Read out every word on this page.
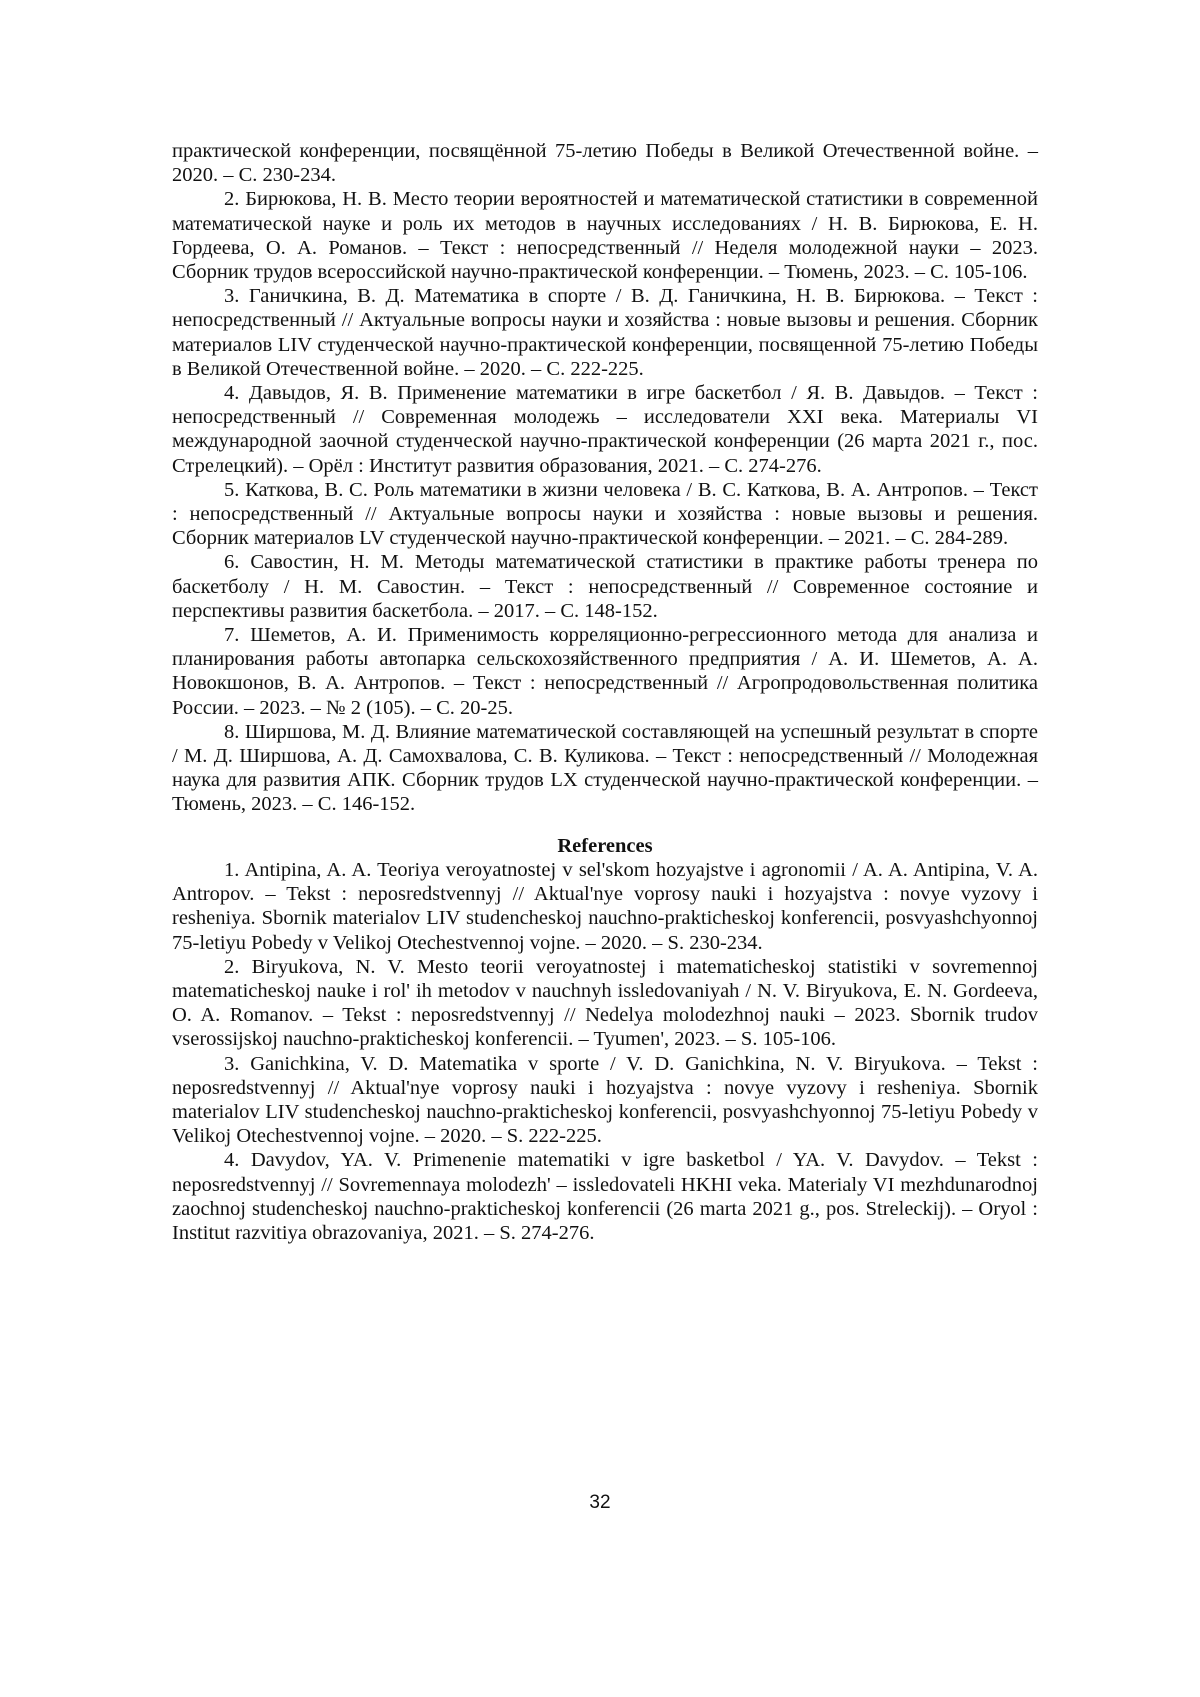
практической конференции, посвящённой 75-летию Победы в Великой Отечественной войне. – 2020. – С. 230-234.

2. Бирюкова, Н. В. Место теории вероятностей и математической статистики в современной математической науке и роль их методов в научных исследованиях / Н. В. Бирюкова, Е. Н. Гордеева, О. А. Романов. – Текст : непосредственный // Неделя молодежной науки – 2023. Сборник трудов всероссийской научно-практической конференции. – Тюмень, 2023. – С. 105-106.

3. Ганичкина, В. Д. Математика в спорте / В. Д. Ганичкина, Н. В. Бирюкова. – Текст : непосредственный // Актуальные вопросы науки и хозяйства : новые вызовы и решения. Сборник материалов LIV студенческой научно-практической конференции, посвященной 75-летию Победы в Великой Отечественной войне. – 2020. – С. 222-225.

4. Давыдов, Я. В. Применение математики в игре баскетбол / Я. В. Давыдов. – Текст : непосредственный // Современная молодежь – исследователи XXI века. Материалы VI международной заочной студенческой научно-практической конференции (26 марта 2021 г., пос. Стрелецкий). – Орёл : Институт развития образования, 2021. – С. 274-276.

5. Каткова, В. С. Роль математики в жизни человека / В. С. Каткова, В. А. Антропов. – Текст : непосредственный // Актуальные вопросы науки и хозяйства : новые вызовы и решения. Сборник материалов LV студенческой научно-практической конференции. – 2021. – С. 284-289.

6. Савостин, Н. М. Методы математической статистики в практике работы тренера по баскетболу / Н. М. Савостин. – Текст : непосредственный // Современное состояние и перспективы развития баскетбола. – 2017. – С. 148-152.

7. Шеметов, А. И. Применимость корреляционно-регрессионного метода для анализа и планирования работы автопарка сельскохозяйственного предприятия / А. И. Шеметов, А. А. Новокшонов, В. А. Антропов. – Текст : непосредственный // Агропродовольственная политика России. – 2023. – № 2 (105). – С. 20-25.

8. Ширшова, М. Д. Влияние математической составляющей на успешный результат в спорте / М. Д. Ширшова, А. Д. Самохвалова, С. В. Куликова. – Текст : непосредственный // Молодежная наука для развития АПК. Сборник трудов LX студенческой научно-практической конференции. – Тюмень, 2023. – С. 146-152.

References

1. Antipina, A. A. Teoriya veroyatnostej v sel'skom hozyajstve i agronomii / A. A. Antipina, V. A. Antropov. – Tekst : neposredstvennyj // Aktual'nye voprosy nauki i hozyajstva : novye vyzovy i resheniya. Sbornik materialov LIV studencheskoj nauchno-prakticheskoj konferencii, posvyashchyonnoj 75-letiyu Pobedy v Velikoj Otechestvennoj vojne. – 2020. – S. 230-234.

2. Biryukova, N. V. Mesto teorii veroyatnostej i matematicheskoj statistiki v sovremennoj matematicheskoj nauke i rol' ih metodov v nauchnyh issledovaniyah / N. V. Biryukova, E. N. Gordeeva, O. A. Romanov. – Tekst : neposredstvennyj // Nedelya molodezhnoj nauki – 2023. Sbornik trudov vserossijskoj nauchno-prakticheskoj konferencii. – Tyumen', 2023. – S. 105-106.

3. Ganichkina, V. D. Matematika v sporte / V. D. Ganichkina, N. V. Biryukova. – Tekst : neposredstvennyj // Aktual'nye voprosy nauki i hozyajstva : novye vyzovy i resheniya. Sbornik materialov LIV studencheskoj nauchno-prakticheskoj konferencii, posvyashchyonnoj 75-letiyu Pobedy v Velikoj Otechestvennoj vojne. – 2020. – S. 222-225.

4. Davydov, YA. V. Primenenie matematiki v igre basketbol / YA. V. Davydov. – Tekst : neposredstvennyj // Sovremennaya molodezh' – issledovateli HKHI veka. Materialy VI mezhdunarodnoj zaochnoj studencheskoj nauchno-prakticheskoj konferencii (26 marta 2021 g., pos. Streleckij). – Oryol : Institut razvitiya obrazovaniya, 2021. – S. 274-276.

32
